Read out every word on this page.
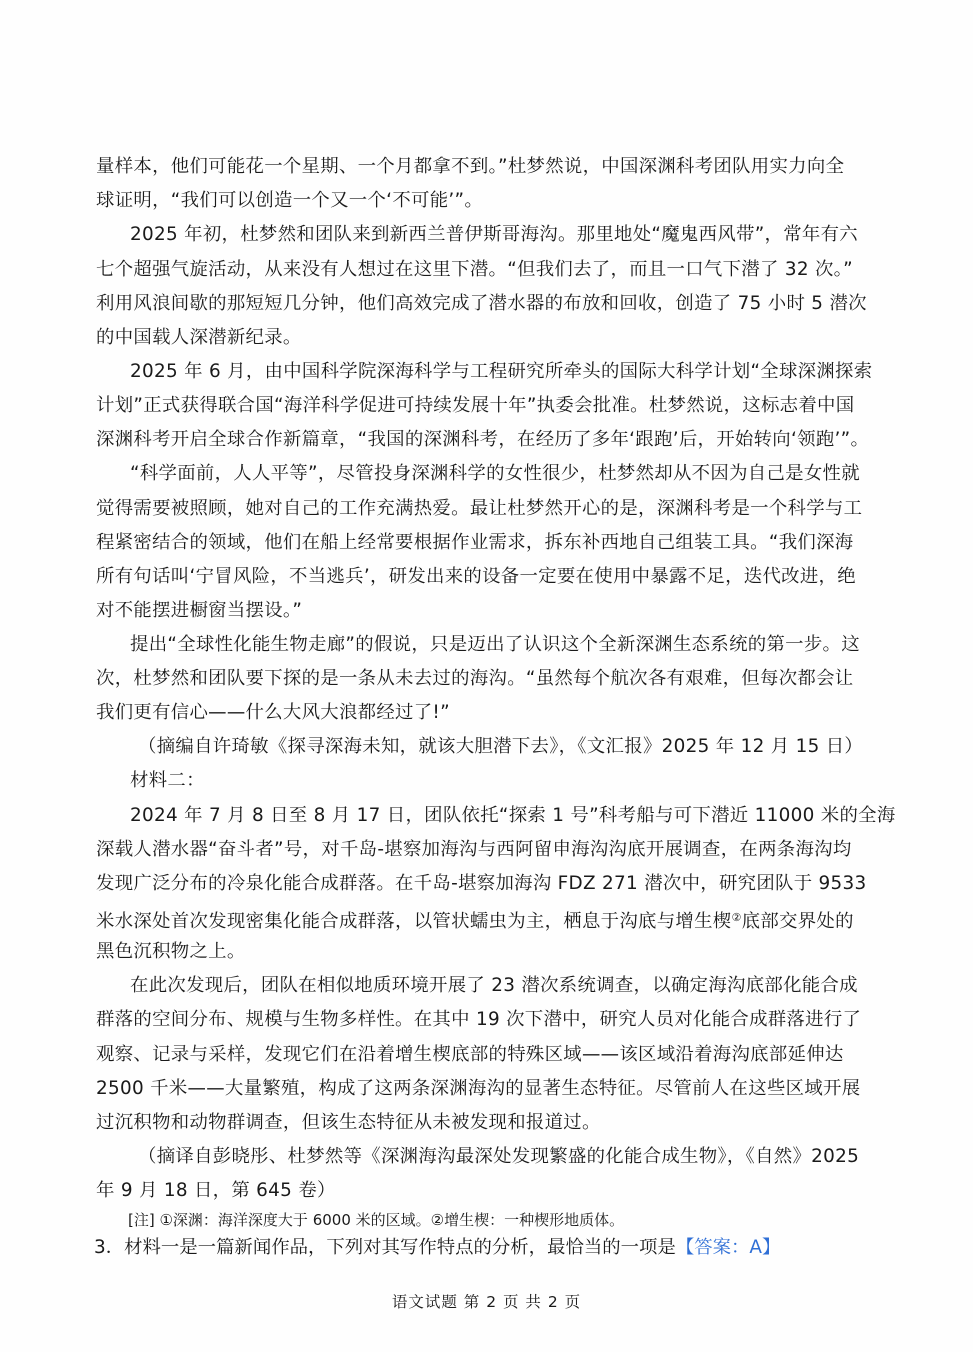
量样本，他们可能花一个星期、一个月都拿不到。”杜梦然说，中国深渊科考团队用实力向全
球证明，“我们可以创造一个又一个‘不可能’”。
2025 年初，杜梦然和团队来到新西兰普伊斯哥海沟。那里地处“魔鬼西风带”，常年有六
七个超强气旋活动，从来没有人想过在这里下潜。“但我们去了，而且一口气下潜了 32 次。”
利用风浪间歇的那短短几分钟，他们高效完成了潜水器的布放和回收，创造了 75 小时 5 潜次
的中国载人深潜新纪录。
2025 年 6 月，由中国科学院深海科学与工程研究所牵头的国际大科学计划“全球深渊探索
计划”正式获得联合国“海洋科学促进可持续发展十年”执委会批准。杜梦然说，这标志着中国
深渊科考开启全球合作新篇章，“我国的深渊科考，在经历了多年‘跟跑’后，开始转向‘领跑’”。
“科学面前，人人平等”，尽管投身深渊科学的女性很少，杜梦然却从不因为自己是女性就
觉得需要被照顾，她对自己的工作充满热爱。最让杜梦然开心的是，深渊科考是一个科学与工
程紧密结合的领域，他们在船上经常要根据作业需求，拆东补西地自己组装工具。“我们深海
所有句话叫‘宁冒风险，不当逃兵’，研发出来的设备一定要在使用中暴露不足，迭代改进，绝
对不能摆进橱窗当摆设。”
提出“全球性化能生物走廊”的假说，只是迈出了认识这个全新深渊生态系统的第一步。这
次，杜梦然和团队要下探的是一条从未去过的海沟。“虽然每个航次各有艰难，但每次都会让
我们更有信心——什么大风大浪都经过了!”
（摘编自许琦敏《探寻深海未知，就该大胆潜下去》，《文汇报》2025 年 12 月 15 日）
材料二：
2024 年 7 月 8 日至 8 月 17 日，团队依托“探索 1 号”科考船与可下潜近 11000 米的全海
深载人潜水器“奋斗者”号，对千岛-堪察加海沟与西阿留申海沟沟底开展调查，在两条海沟均
发现广泛分布的冷泉化能合成群落。在千岛-堪察加海沟 FDZ 271 潜次中，研究团队于 9533
米水深处首次发现密集化能合成群落，以管状蠕虫为主，栖息于沟底与增生楔②底部交界处的
黑色沉积物之上。
在此次发现后，团队在相似地质环境开展了 23 潜次系统调查，以确定海沟底部化能合成
群落的空间分布、规模与生物多样性。在其中 19 次下潜中，研究人员对化能合成群落进行了
观察、记录与采样，发现它们在沿着增生楔底部的特殊区域——该区域沿着海沟底部延伸达
2500 千米——大量繁殖，构成了这两条深渊海沟的显著生态特征。尽管前人在这些区域开展
过沉积物和动物群调查，但该生态特征从未被发现和报道过。
（摘译自彭晓彤、杜梦然等《深渊海沟最深处发现繁盛的化能合成生物》，《自然》2025
年 9 月 18 日，第 645 卷）
[注] ①深渊：海洋深度大于 6000 米的区域。②增生楔：一种楔形地质体。
3．材料一是一篇新闻作品，下列对其写作特点的分析，最恰当的一项是【答案：A】
语文试题 第 2 页 共 2 页
